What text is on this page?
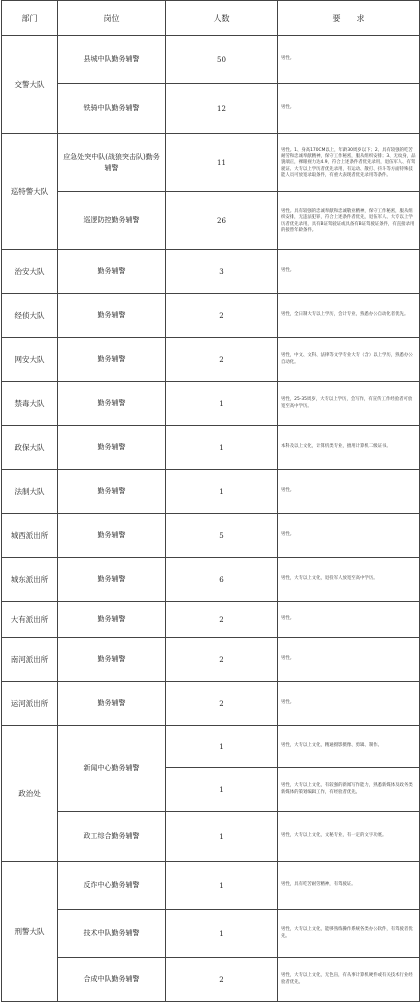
部门	岗位	人数	要　　求
交警大队	县城中队勤务辅警	50	男性。
	铁骑中队勤务辅警	12	男性。
巡特警大队	应急处突中队(战狼突击队)勤务辅警	11	男性。1、身高170CM以上，年龄30周岁以下；2、具有较强的吃苦耐劳和忠诚奉献精神，保守工作秘密，服从组织安排；3、无纹身，品貌端正，裸眼视力达4.9，符合上述条件者优先录用，退伍军人、有驾驶证、大专以上学历者优先录用，有运动、散打、抖斗等方面特殊技能人员可放宽录取条件，有重大表现者优先录用等条件。
	巡逻防控勤务辅警	26	男性。具有较强的忠诚奉献和忠诚敬业精神，保守工作秘密，服从组织安排，无违法犯罪，符合上述条件者优先，退伍军人、大专以上学历者优先录用，具有B证驾驶证或具备有B证驾驶证条件，有直接录用的接替年龄条件。
治安大队	勤务辅警	3	男性。
经侦大队	勤务辅警	2	男性，全日制大专以上学历，会计专业，熟悉办公自动化者优先。
网安大队	勤务辅警	2	男性，中文、文科、法律等文学专业大专（含）以上学历，熟悉办公自动化。
禁毒大队	勤务辅警	1	男性，25-35周岁，大专以上学历，会写作，有宣传工作经验者可放宽至高中学历。
政保大队	勤务辅警	1	本科及以上文化，计算机类专业，擅用计算机二级证书。
法制大队	勤务辅警	1	男性。
城西派出所	勤务辅警	5	男性。
城东派出所	勤务辅警	6	男性，大专以上文化，退役军人放宽至高中学历。
大有派出所	勤务辅警	2	男性。
南河派出所	勤务辅警	2	男性。
运河派出所	勤务辅警	2	男性。
政治处	新闻中心勤务辅警	1	男性，大专以上文化，精通摄影摄像、剪辑、制作。
		1	男性，大专以上文化，有较强的新闻写作能力，熟悉新媒体及政务类新媒体的策划编辑工作，有经验者优先。
	政工综合勤务辅警	1	男性，大专以上文化，文秘专业，有一定的文字功底。
刑警大队	反诈中心勤务辅警	1	男性，具有吃苦耐劳精神，有驾驶证。
	技术中队勤务辅警	1	男性，大专以上文化，能够熟练操作系统各类办公软件，有驾驶者优先。
	合成中队勤务辅警	2	男性，大专以上文化，无色盲，有从事计算机硬件或有关技术行业经验者优先。
